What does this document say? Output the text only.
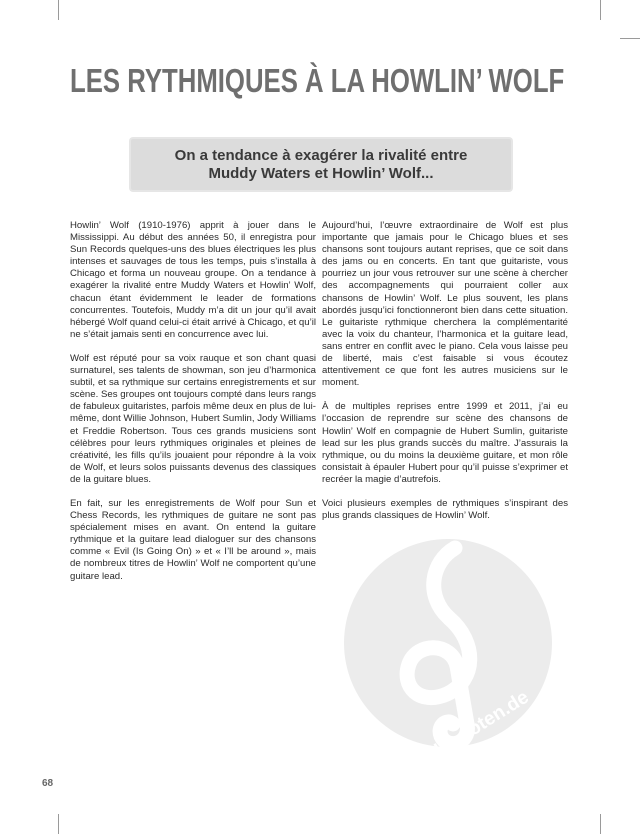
LES RYTHMIQUES À LA HOWLIN’ WOLF
On a tendance à exagérer la rivalité entre
Muddy Waters et Howlin’ Wolf...

Howlin’ Wolf (1910-1976) apprit à jouer dans le Mississippi. Au début des années 50, il enregistra pour Sun Records quelques-uns des blues électriques les plus intenses et sauvages de tous les temps, puis s’installa à Chicago et forma un nouveau groupe. On a tendance à exagérer la rivalité entre Muddy Waters et Howlin’ Wolf, chacun étant évidemment le leader de formations concurrentes. Toutefois, Muddy m’a dit un jour qu’il avait hébergé Wolf quand celui-ci était arrivé à Chicago, et qu’il ne s’était jamais senti en concurrence avec lui.

Wolf est réputé pour sa voix rauque et son chant quasi surnaturel, ses talents de showman, son jeu d’harmonica subtil, et sa rythmique sur certains enregistrements et sur scène. Ses groupes ont toujours compté dans leurs rangs de fabuleux guitaristes, parfois même deux en plus de lui-même, dont Willie Johnson, Hubert Sumlin, Jody Williams et Freddie Robertson. Tous ces grands musiciens sont célèbres pour leurs rythmiques originales et pleines de créativité, les fills qu’ils jouaient pour répondre à la voix de Wolf, et leurs solos puissants devenus des classiques de la guitare blues.

En fait, sur les enregistrements de Wolf pour Sun et Chess Records, les rythmiques de guitare ne sont pas spécialement mises en avant. On entend la guitare rythmique et la guitare lead dialoguer sur des chansons comme « Evil (Is Going On) » et « I’ll be around », mais de nombreux titres de Howlin’ Wolf ne comportent qu’une guitare lead.

Aujourd’hui, l’œuvre extraordinaire de Wolf est plus importante que jamais pour le Chicago blues et ses chansons sont toujours autant reprises, que ce soit dans des jams ou en concerts. En tant que guitariste, vous pourriez un jour vous retrouver sur une scène à chercher des accompagnements qui pourraient coller aux chansons de Howlin’ Wolf. Le plus souvent, les plans abordés jusqu’ici fonctionneront bien dans cette situation. Le guitariste rythmique cherchera la complémentarité avec la voix du chanteur, l’harmonica et la guitare lead, sans entrer en conflit avec le piano. Cela vous laisse peu de liberté, mais c’est faisable si vous écoutez attentivement ce que font les autres musiciens sur le moment.

À de multiples reprises entre 1999 et 2011, j’ai eu l’occasion de reprendre sur scène des chansons de Howlin’ Wolf en compagnie de Hubert Sumlin, guitariste lead sur les plus grands succès du maître. J’assurais la rythmique, ou du moins la deuxième guitare, et mon rôle consistait à épauler Hubert pour qu’il puisse s’exprimer et recréer la magie d’autrefois.

Voici plusieurs exemples de rythmiques s’inspirant des plus grands classiques de Howlin’ Wolf.

alle-noten.de
68
